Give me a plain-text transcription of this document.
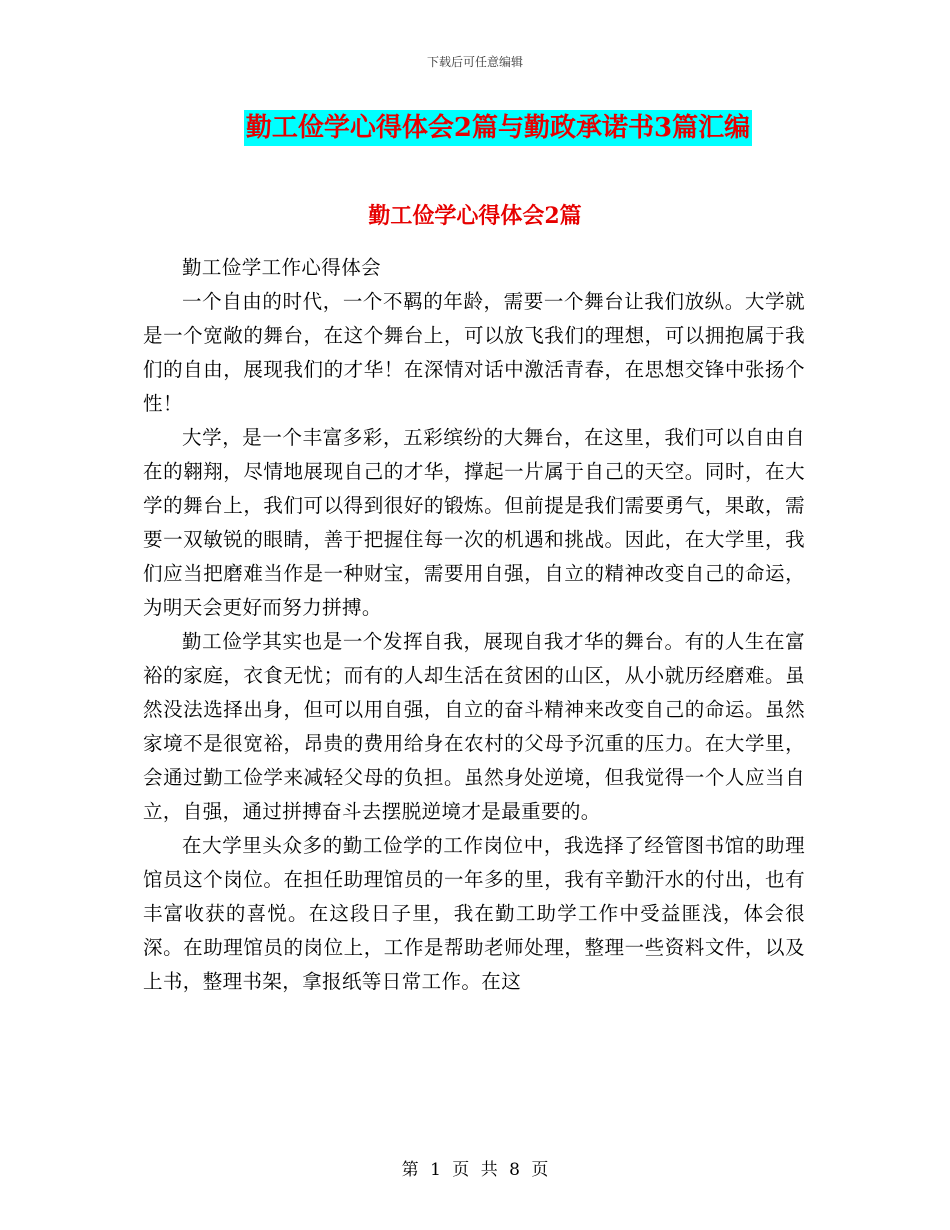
下载后可任意编辑
勤工俭学心得体会2篇与勤政承诺书3篇汇编
勤工俭学心得体会2篇

勤工俭学工作心得体会

一个自由的时代，一个不羁的年龄，需要一个舞台让我们放纵。大学就是一个宽敞的舞台，在这个舞台上，可以放飞我们的理想，可以拥抱属于我们的自由，展现我们的才华！在深情对话中激活青春，在思想交锋中张扬个性！

大学，是一个丰富多彩，五彩缤纷的大舞台，在这里，我们可以自由自在的翱翔，尽情地展现自己的才华，撑起一片属于自己的天空。同时，在大学的舞台上，我们可以得到很好的锻炼。但前提是我们需要勇气，果敢，需要一双敏锐的眼睛，善于把握住每一次的机遇和挑战。因此，在大学里，我们应当把磨难当作是一种财宝，需要用自强，自立的精神改变自己的命运，为明天会更好而努力拼搏。

勤工俭学其实也是一个发挥自我，展现自我才华的舞台。有的人生在富裕的家庭，衣食无忧；而有的人却生活在贫困的山区，从小就历经磨难。虽然没法选择出身，但可以用自强，自立的奋斗精神来改变自己的命运。虽然家境不是很宽裕，昂贵的费用给身在农村的父母予沉重的压力。在大学里，会通过勤工俭学来减轻父母的负担。虽然身处逆境，但我觉得一个人应当自立，自强，通过拼搏奋斗去摆脱逆境才是最重要的。

在大学里头众多的勤工俭学的工作岗位中，我选择了经管图书馆的助理馆员这个岗位。在担任助理馆员的一年多的里，我有辛勤汗水的付出，也有丰富收获的喜悦。在这段日子里，我在勤工助学工作中受益匪浅，体会很深。在助理馆员的岗位上，工作是帮助老师处理，整理一些资料文件，以及上书，整理书架，拿报纸等日常工作。在这

第 1 页 共 8 页
